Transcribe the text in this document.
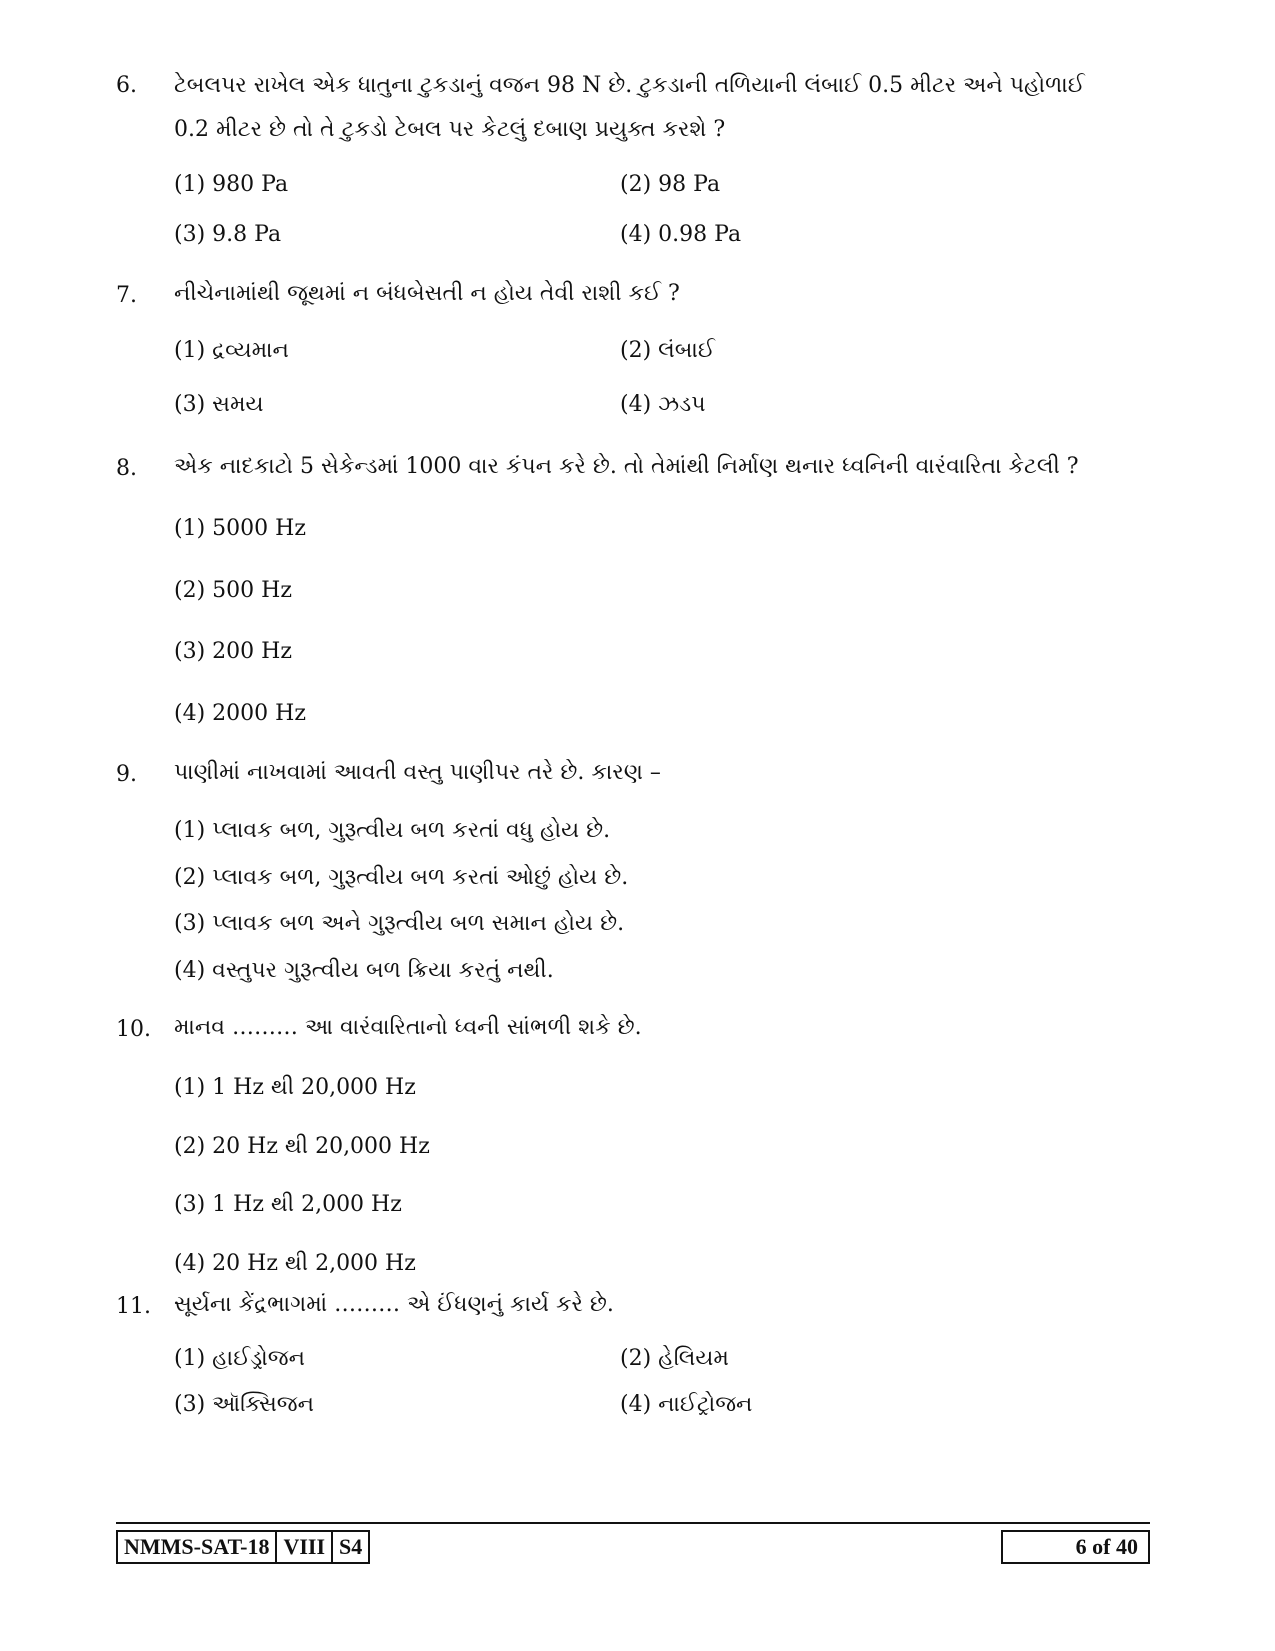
6. ટેબલપર રાખેલ એક ધાતુના ટુકડાનું વજન 98 N છે. ટુકડાની તળિયાની લંબાઈ 0.5 મીટર અને પહોળાઈ
0.2 મીટર છે તો તે ટુકડો ટેબલ પર કેટલું દબાણ પ્રયુક્ત કરશે ?
(1) 980 Pa	(2) 98 Pa
(3) 9.8 Pa	(4) 0.98 Pa
7. નીચેનામાંથી જૂથમાં ન બંધબેસતી ન હોય તેવી રાશી કઈ ?
(1) દ્રવ્યમાન	(2) લંબાઈ
(3) સમય	(4) ઝડપ
8. એક નાદકાટો 5 સેકેન્ડમાં 1000 વાર કંપન કરે છે. તો તેમાંથી નિર્માણ થનાર ધ્વનિની વારંવારિતા કેટલી ?
(1) 5000 Hz
(2) 500 Hz
(3) 200 Hz
(4) 2000 Hz
9. પાણીમાં નાખવામાં આવતી વસ્તુ પાણીપર તરે છે. કારણ –
(1) પ્લાવક બળ, ગુરૂત્વીય બળ કરતાં વધુ હોય છે.
(2) પ્લાવક બળ, ગુરૂત્વીય બળ કરતાં ઓછું હોય છે.
(3) પ્લાવક બળ અને ગુરૂત્વીય બળ સમાન હોય છે.
(4) વસ્તુપર ગુરૂત્વીય બળ ક્રિયા કરતું નથી.
10. માનવ ……… આ વારંવારિતાનો ધ્વની સાંભળી શકે છે.
(1) 1 Hz થી 20,000 Hz
(2) 20 Hz થી 20,000 Hz
(3) 1 Hz થી 2,000 Hz
(4) 20 Hz થી 2,000 Hz
11. સૂર્યના કેંદ્રભાગમાં ……… એ ઈંધણનું કાર્ય કરે છે.
(1) હાઈડ્રોજન	(2) હેલિયમ
(3) ઑક્સિજન	(4) નાઈટ્રોજન
NMMS-SAT-18 VIII S4	6 of 40
